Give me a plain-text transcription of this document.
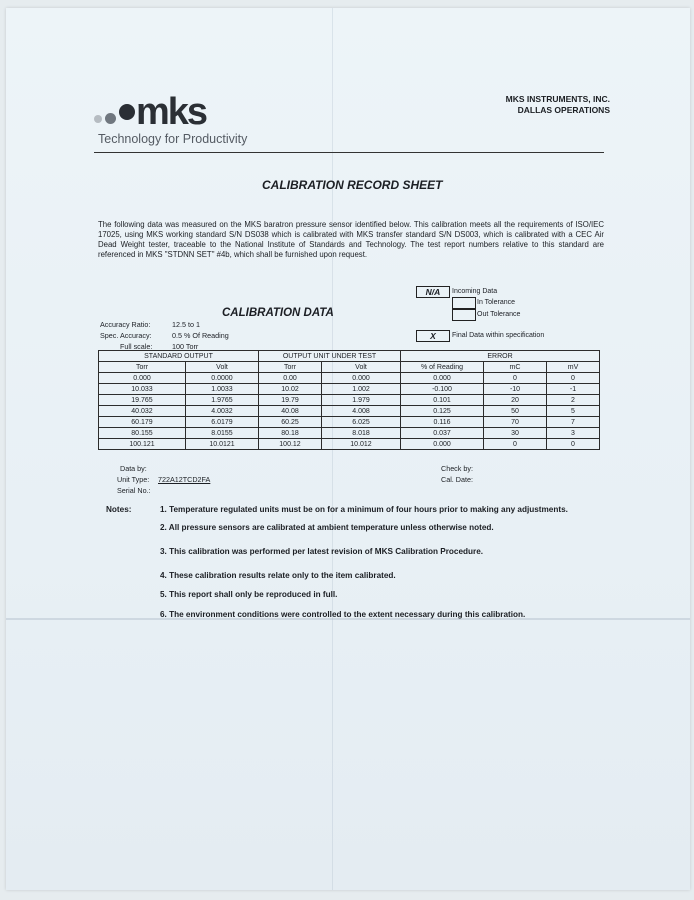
mks
Technology for Productivity
MKS INSTRUMENTS, INC.
DALLAS OPERATIONS
CALIBRATION RECORD SHEET
The following data was measured on the MKS baratron pressure sensor identified below. This calibration meets all the requirements of ISO/IEC 17025, using MKS working standard S/N DS038 which is calibrated with MKS transfer standard S/N DS003, which is calibrated with a CEC Air Dead Weight tester, traceable to the National Institute of Standards and Technology. The test report numbers relative to this standard are referenced in MKS "STDNN SET" #4b, which shall be furnished upon request.
N/A	Incoming Data
In Tolerance
Out Tolerance
X	Final Data within specification
CALIBRATION DATA
Accuracy Ratio:	12.5 to 1
Spec. Accuracy:	0.5 % Of Reading
Full scale:	100 Torr
STANDARD OUTPUT		OUTPUT UNIT UNDER TEST		ERROR		
Torr	Volt	Torr	Volt	% of Reading	mC	mV
0.000	0.0000	0.00	0.000	0.000	0	0
10.033	1.0033	10.02	1.002	-0.100	-10	-1
19.765	1.9765	19.79	1.979	0.101	20	2
40.032	4.0032	40.08	4.008	0.125	50	5
60.179	6.0179	60.25	6.025	0.116	70	7
80.155	8.0155	80.18	8.018	0.037	30	3
100.121	10.0121	100.12	10.012	0.000	0	0
Data by:
Unit Type: 722A12TCD2FA
Serial No.:
Check by:
Cal. Date:
Notes:	1. Temperature regulated units must be on for a minimum of four hours prior to making any adjustments.
2. All pressure sensors are calibrated at ambient temperature unless otherwise noted.
3. This calibration was performed per latest revision of MKS Calibration Procedure.
4. These calibration results relate only to the item calibrated.
5. This report shall only be reproduced in full.
6. The environment conditions were controlled to the extent necessary during this calibration.
